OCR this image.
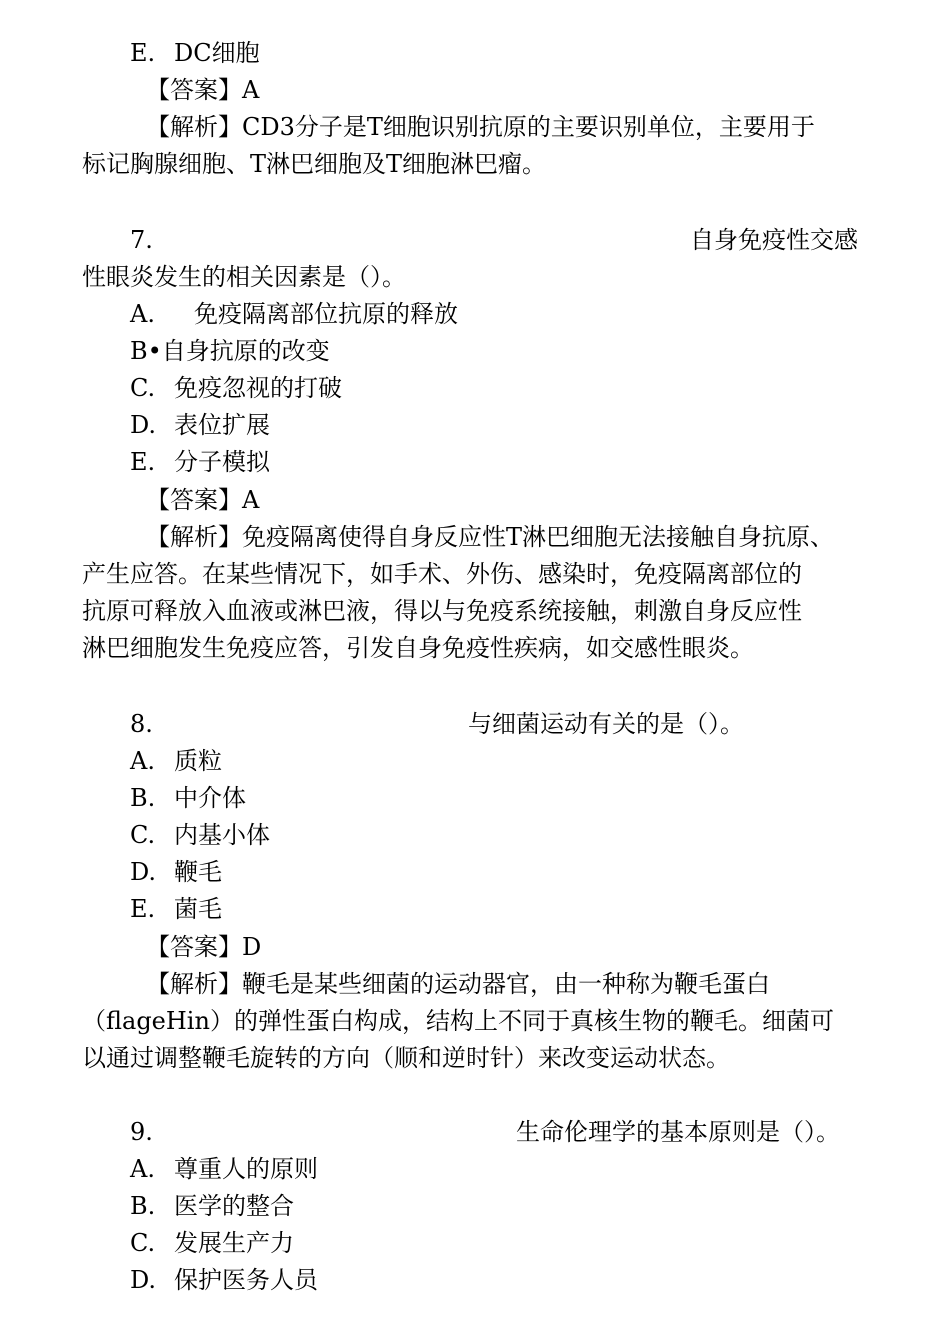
E. DC细胞
【答案】A
【解析】CD3分子是T细胞识别抗原的主要识别单位，主要用于
标记胸腺细胞、T淋巴细胞及T细胞淋巴瘤。
7.	自身免疫性交感
性眼炎发生的相关因素是（）。
A. 免疫隔离部位抗原的释放
B•自身抗原的改变
C. 免疫忽视的打破
D. 表位扩展
E. 分子模拟
【答案】A
【解析】免疫隔离使得自身反应性T淋巴细胞无法接触自身抗原、
产生应答。在某些情况下，如手术、外伤、感染时，免疫隔离部位的
抗原可释放入血液或淋巴液，得以与免疫系统接触，刺激自身反应性
淋巴细胞发生免疫应答，引发自身免疫性疾病，如交感性眼炎。
8.	与细菌运动有关的是（）。
A. 质粒
B. 中介体
C. 内基小体
D. 鞭毛
E. 菌毛
【答案】D
【解析】鞭毛是某些细菌的运动器官，由一种称为鞭毛蛋白
（flageHin）的弹性蛋白构成，结构上不同于真核生物的鞭毛。细菌可
以通过调整鞭毛旋转的方向（顺和逆时针）来改变运动状态。
9.	生命伦理学的基本原则是（）。
A. 尊重人的原则
B. 医学的整合
C. 发展生产力
D. 保护医务人员
